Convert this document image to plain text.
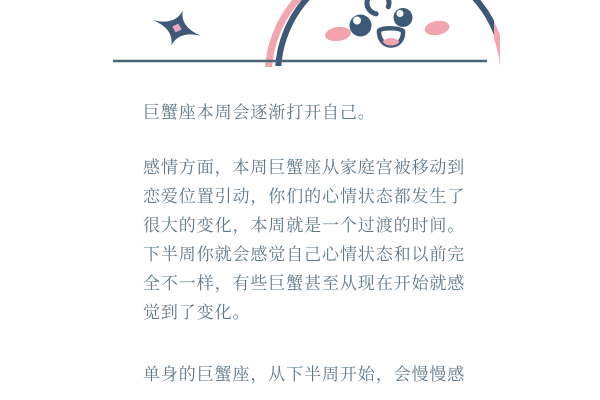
巨蟹座本周会逐渐打开自己。
感情方面，本周巨蟹座从家庭宫被移动到
恋爱位置引动，你们的心情状态都发生了
很大的变化，本周就是一个过渡的时间。
下半周你就会感觉自己心情状态和以前完
全不一样，有些巨蟹甚至从现在开始就感
觉到了变化。
单身的巨蟹座，从下半周开始，会慢慢感
